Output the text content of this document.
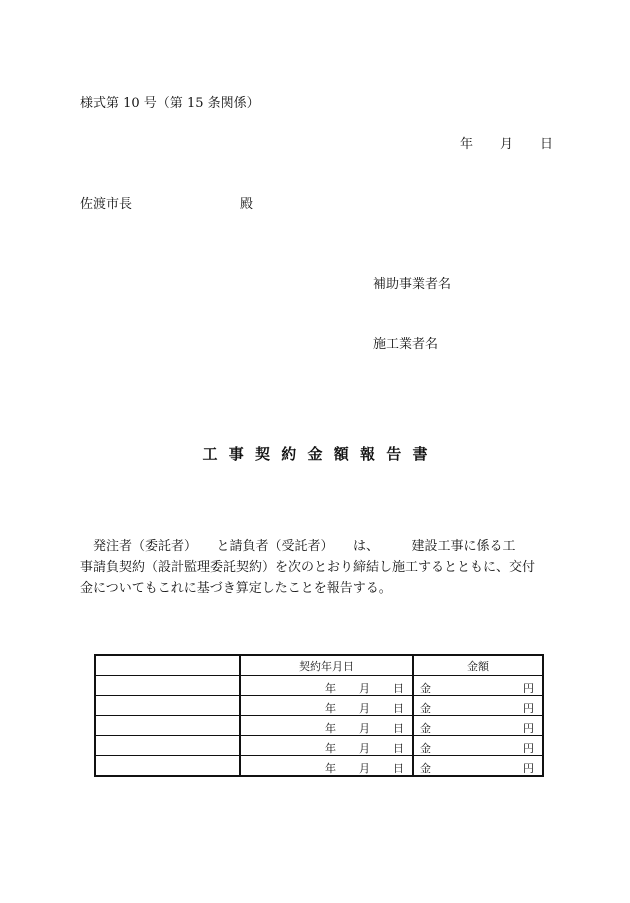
様式第 10 号（第 15 条関係）
年	月	日
佐渡市長	殿
補助事業者名
施工業者名
工 事 契 約 金 額 報 告 書
　発注者（委託者）　　と請負者（受託者）　　は、　　　建設工事に係る工
事請負契約（設計監理委託契約）を次のとおり締結し施工するとともに、交付
金についてもこれに基づき算定したことを報告する。
	契約年月日	金額

	年 月 日	金 円

	年 月 日	金 円

	年 月 日	金 円

	年 月 日	金 円

	年 月 日	金 円
